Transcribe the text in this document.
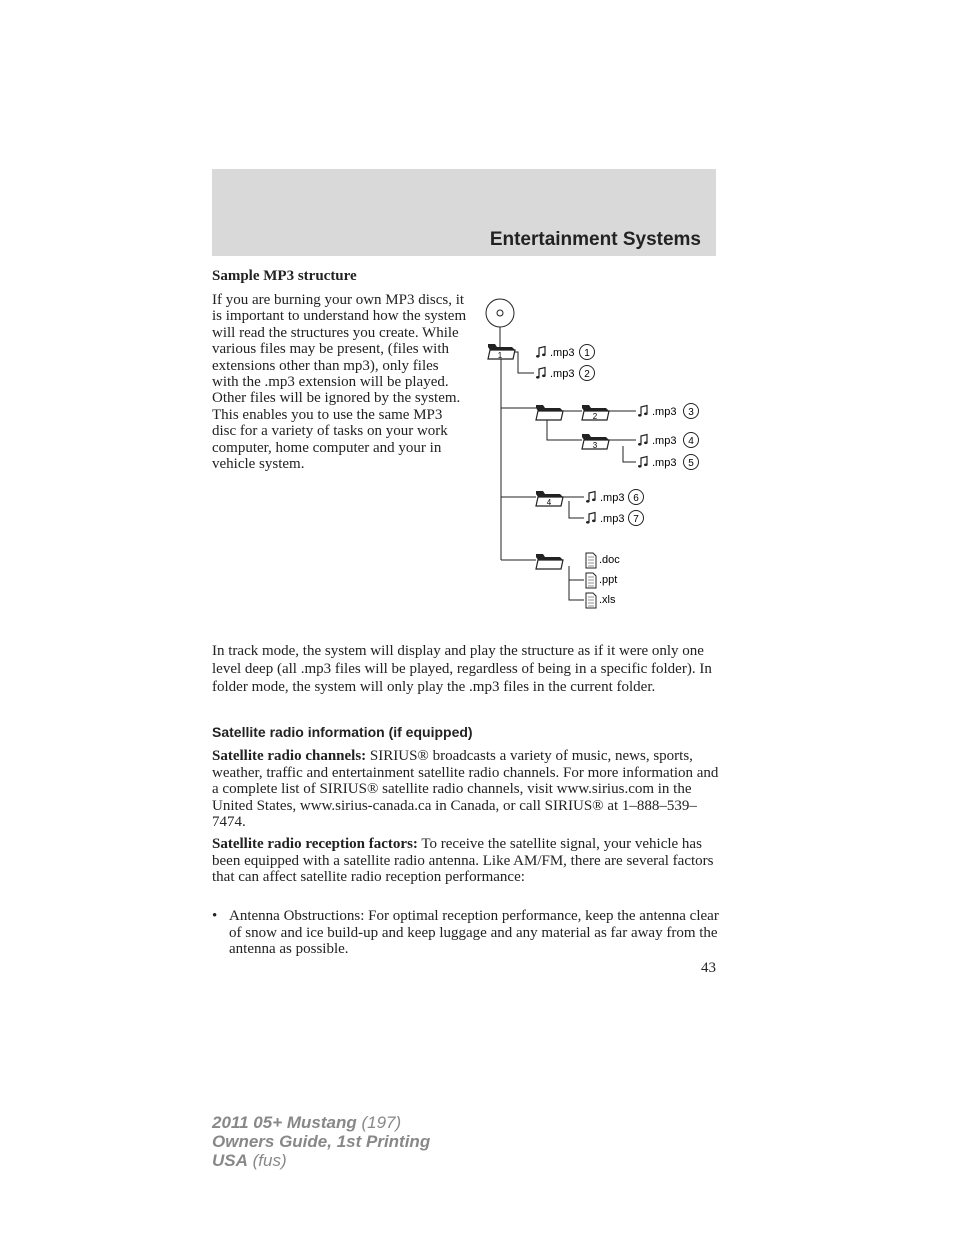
Entertainment Systems
Sample MP3 structure

If you are burning your own MP3 discs, it is important to understand how the system will read the structures you create. While various files may be present, (files with extensions other than mp3), only files with the .mp3 extension will be played. Other files will be ignored by the system. This enables you to use the same MP3 disc for a variety of tasks on your work computer, home computer and your in vehicle system.

1
2
3
4
.mp3 1
.mp3 2
.mp3 3
.mp3 4
.mp3 5
.mp3 6
.mp3 7
.doc
.ppt
.xls

In track mode, the system will display and play the structure as if it were only one level deep (all .mp3 files will be played, regardless of being in a specific folder). In folder mode, the system will only play the .mp3 files in the current folder.

Satellite radio information (if equipped)

Satellite radio channels: SIRIUS® broadcasts a variety of music, news, sports, weather, traffic and entertainment satellite radio channels. For more information and a complete list of SIRIUS® satellite radio channels, visit www.sirius.com in the United States, www.sirius-canada.ca in Canada, or call SIRIUS® at 1–888–539–7474.

Satellite radio reception factors: To receive the satellite signal, your vehicle has been equipped with a satellite radio antenna. Like AM/FM, there are several factors that can affect satellite radio reception performance:

• Antenna Obstructions: For optimal reception performance, keep the antenna clear of snow and ice build-up and keep luggage and any material as far away from the antenna as possible.

43

2011 05+ Mustang (197)
Owners Guide, 1st Printing
USA (fus)
